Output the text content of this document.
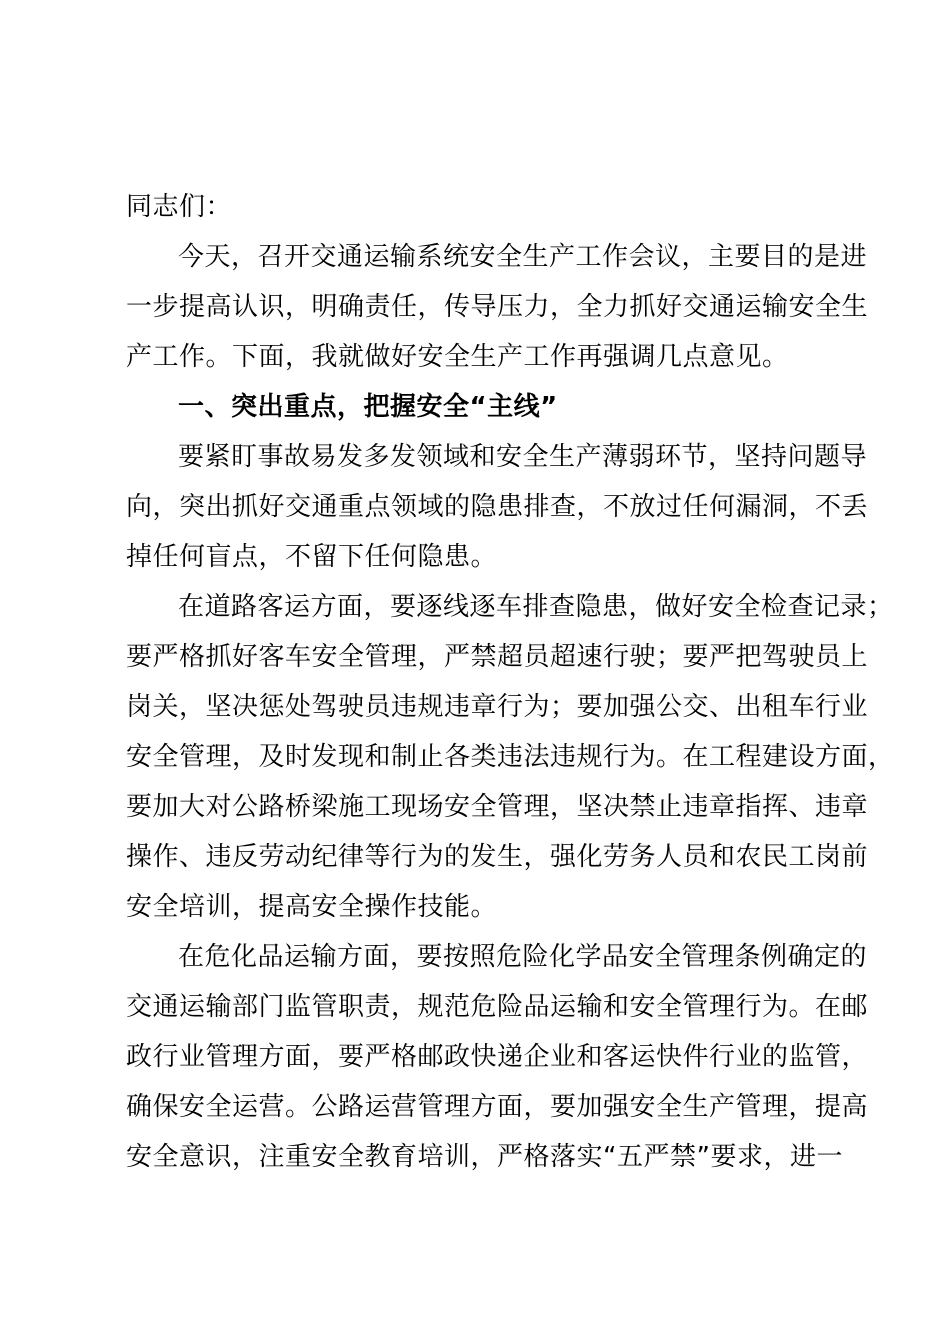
同志们：
今天，召开交通运输系统安全生产工作会议，主要目的是进
一步提高认识，明确责任，传导压力，全力抓好交通运输安全生
产工作。下面，我就做好安全生产工作再强调几点意见。
一、突出重点，把握安全“主线”
要紧盯事故易发多发领域和安全生产薄弱环节，坚持问题导
向，突出抓好交通重点领域的隐患排查，不放过任何漏洞，不丢
掉任何盲点，不留下任何隐患。
在道路客运方面，要逐线逐车排查隐患，做好安全检查记录；
要严格抓好客车安全管理，严禁超员超速行驶；要严把驾驶员上
岗关，坚决惩处驾驶员违规违章行为；要加强公交、出租车行业
安全管理，及时发现和制止各类违法违规行为。在工程建设方面，
要加大对公路桥梁施工现场安全管理，坚决禁止违章指挥、违章
操作、违反劳动纪律等行为的发生，强化劳务人员和农民工岗前
安全培训，提高安全操作技能。
在危化品运输方面，要按照危险化学品安全管理条例确定的
交通运输部门监管职责，规范危险品运输和安全管理行为。在邮
政行业管理方面，要严格邮政快递企业和客运快件行业的监管，
确保安全运营。公路运营管理方面，要加强安全生产管理，提高
安全意识，注重安全教育培训，严格落实“五严禁”要求，进一
